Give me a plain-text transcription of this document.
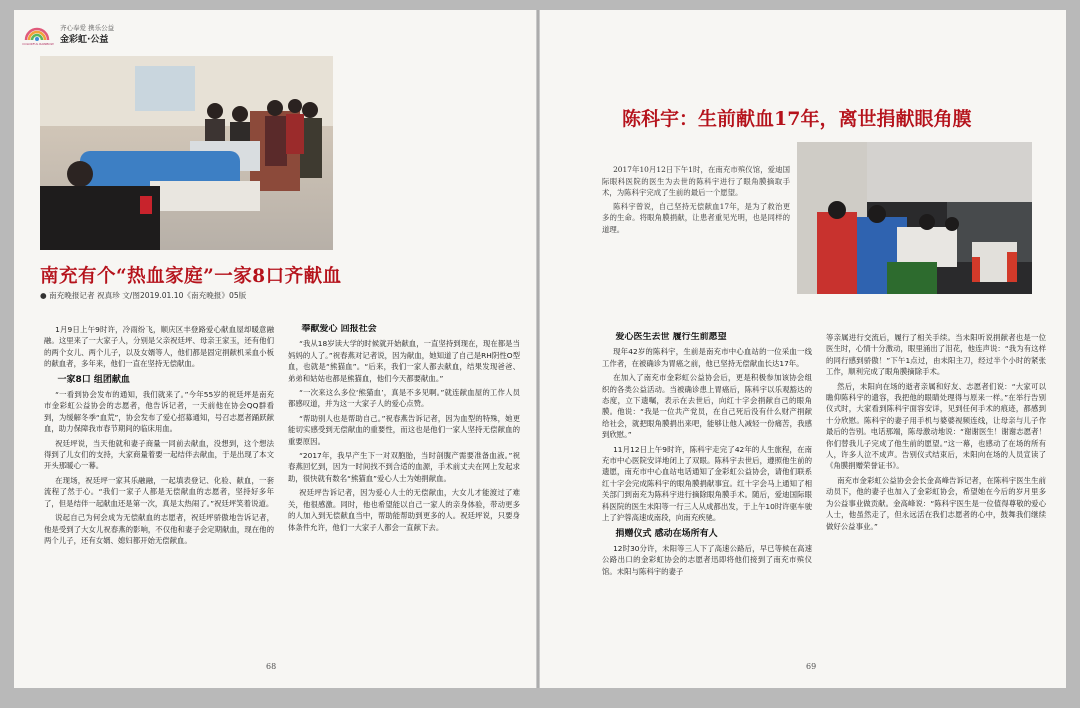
COLORFUL RAINBOW
齐心奉爱 携乐公益
金彩虹·公益
南充有个“热血家庭”一家8口齐献血
● 南充晚报记者 祝真珍 文/图2019.01.10《南充晚报》05版

1月9日上午9时许，冷雨纷飞，顺庆区丰登路爱心献血屋却暖意融融。这里来了一大家子人，分别是父亲祝廷坪、母亲王家玉，还有他们的两个女儿、两个儿子，以及女婿等人，他们都是固定捐献机采血小板的献血者，多年来，他们一直在坚持无偿献血。

一家8口 组团献血

“一看到协会发布的通知，我们就来了。”今年55岁的祝廷坪是南充市金彩虹公益协会的志愿者，他告诉记者，一天前他在协会QQ群看到，为缓解冬季“血荒”，协会发布了爱心招募通知，号召志愿者踊跃献血，助力保障我市春节期间的临床用血。

祝廷坪说，当天他就和妻子商量一同前去献血，没想到，这个想法得到了儿女们的支持，大家商量着要一起结伴去献血，于是出现了本文开头那暖心一幕。

在现场，祝廷坪一家其乐融融，一起填表登记、化验、献血，一套流程了然于心。“我们一家子人都是无偿献血的志愿者，坚持好多年了，但是结伴一起献血还是第一次，真是太热闹了。”祝廷坪笑着说道。

说起自己为何会成为无偿献血的志愿者，祝廷坪骄傲地告诉记者，他是受到了大女儿祝春燕的影响，不仅他和妻子会定期献血，现在他的两个儿子，还有女婿、媳妇都开始无偿献血。

奉献爱心 回报社会

“我从18岁读大学的时候就开始献血，一直坚持到现在，现在都是当妈妈的人了。”祝春燕对记者说，因为献血，她知道了自己是RH阴性O型血，也就是“熊猫血”。“后来，我们一家人都去献血，结果发现爸爸、弟弟和姑姑也都是熊猫血，他们今天都要献血。”

“一次来这么多位‘熊猫血’，真是不多见啊。”就连献血屋的工作人员都感叹道，并为这一大家子人的爱心点赞。

“帮助别人也是帮助自己。”祝春燕告诉记者，因为血型的特殊，她更能切实感受到无偿献血的重要性，而这也是他们一家人坚持无偿献血的重要原因。

“2017年，我早产生下一对双胞胎，当时剖腹产需要准备血液。”祝春燕回忆到，因为一时间找不到合适的血源，手术前丈夫在网上发起求助，很快就有数名“熊猫血”爱心人士为她捐献血。

祝廷坪告诉记者，因为爱心人士的无偿献血，大女儿才能渡过了难关，他很感激。同时，他也希望能以自己一家人的亲身体验，带动更多的人加入到无偿献血当中，帮助能帮助到更多的人。祝廷坪说，只要身体条件允许，他们一大家子人都会一直献下去。

68
陈科宇：生前献血17年，离世捐献眼角膜

2017年10月12日下午1时，在南充市殡仪馆，爱迪国际眼科医院的医生为去世的陈科宇进行了眼角膜摘取手术，为陈科宇完成了生前的最后一个愿望。

陈科宇曾说，自己坚持无偿献血17年，是为了救治更多的生命。将眼角膜捐献，让患者重见光明，也是同样的道理。

爱心医生去世 履行生前愿望

现年42岁的陈科宇，生前是南充市中心血站的一位采血一线工作者，在被确诊为胃癌之前，他已坚持无偿献血长达17年。

在加入了南充市金彩虹公益协会后，更是积极参加该协会组织的各类公益活动。当被确诊患上胃癌后，陈科宇以乐观豁达的态度，立下遗嘱，表示在去世后，向红十字会捐献自己的眼角膜。他说：“我是一位共产党员，在自己死后没有什么财产捐献给社会，就把眼角膜捐出来吧，能够让他人减轻一份痛苦，我感到欣慰。”

11月12日上午9时许，陈科宇走完了42年的人生旅程，在南充市中心医院安详地闭上了双眼。陈科宇去世后，遵照他生前的遗愿，南充市中心血站电话通知了金彩虹公益协会，请他们联系红十字会完成陈科宇的眼角膜捐献事宜。红十字会马上通知了相关部门到南充为陈科宇进行摘除眼角膜手术。随后，爱迪国际眼科医院的医生未阳等一行三人从成都出发，于上午10时许驱车驶上了沪蓉高速成南段，向南充疾驰。

捐赠仪式 感动在场所有人

12时30分许，未阳等三人下了高速公路后，早已等候在高速公路出口的金彩虹协会的志愿者迅即将他们接到了南充市殡仪馆。未阳与陈科宇的妻子

等亲属进行交流后，履行了相关手续。当未阳听说捐献者也是一位医生时，心情十分激动，眼里涌出了泪花，他连声说：“我为有这样的同行感到骄傲！”下午1点过，由未阳主刀，经过半个小时的紧张工作，顺利完成了眼角膜摘除手术。

然后，未阳向在场的逝者亲属和好友、志愿者们说：“大家可以瞻仰陈科宇的遗容，我把他的眼睛处理得与原来一样。”在举行告别仪式时，大家看到陈科宇面容安详，见到任何手术的痕迹，都感到十分欣慰。陈科宇的妻子用手机与婆婆视频连线，让母亲与儿子作最后的告别。电话那端，陈母激动地说：“谢谢医生！谢谢志愿者！你们替我儿子完成了他生前的愿望。”这一幕，也感动了在场的所有人，许多人泣不成声。告别仪式结束后，未阳向在场的人员宣读了《角膜捐赠荣誉证书》。

南充市金彩虹公益协会会长金高峰告诉记者，在陈科宇医生生前动员下，他的妻子也加入了金彩虹协会，希望她在今后的岁月里多为公益事业做贡献。金高峰说：“陈科宇医生是一位值得尊敬的爱心人士，他虽然走了，但永远活在我们志愿者的心中，鼓舞我们继续做好公益事业。”

69
